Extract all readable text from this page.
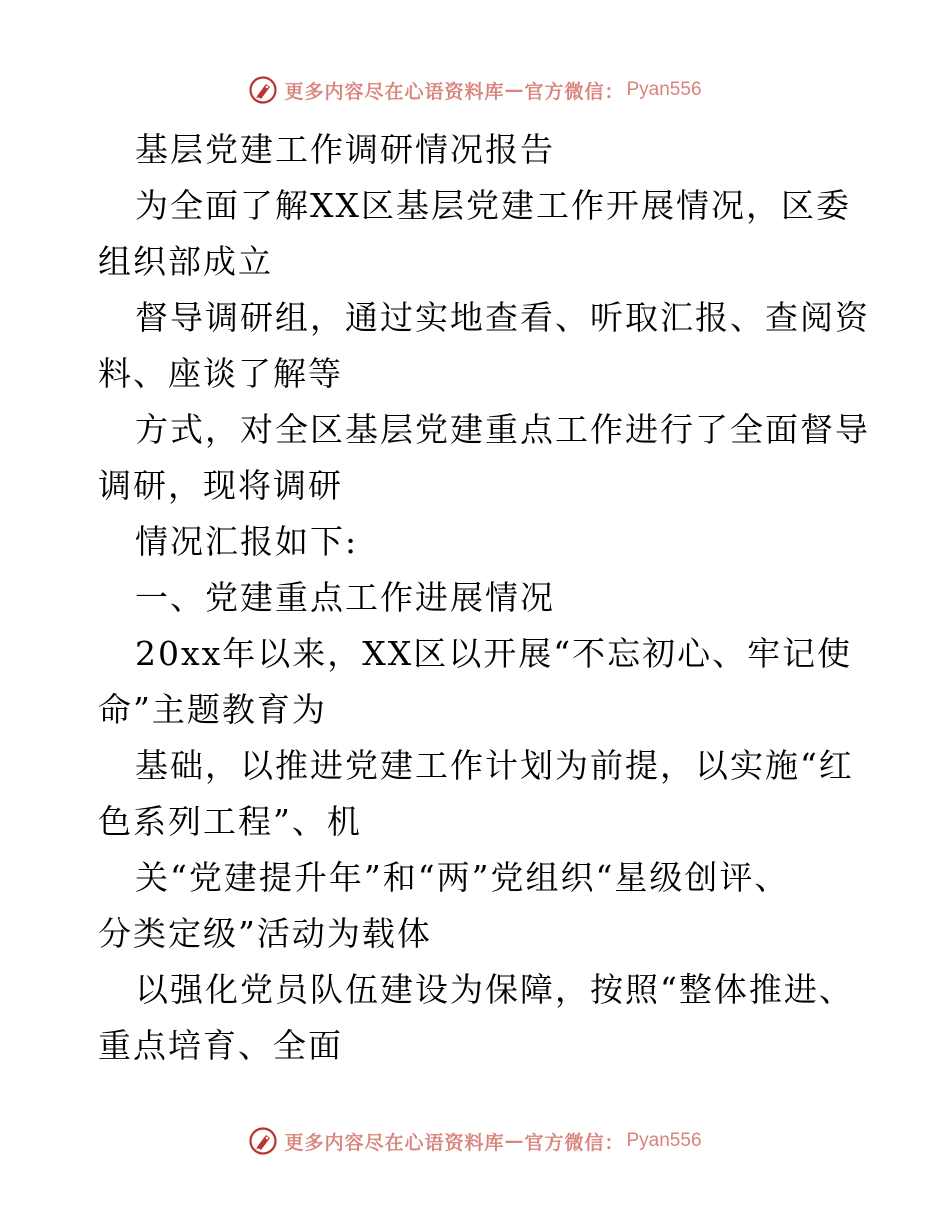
更多内容尽在心语资料库 — 官方微信： Pyan556
基层党建工作调研情况报告
为全面了解XX区基层党建工作开展情况，区委
组织部成立
督导调研组，通过实地查看、听取汇报、查阅资
料、座谈了解等
方式，对全区基层党建重点工作进行了全面督导
调研，现将调研
情况汇报如下:
一、党建重点工作进展情况
20xx年以来，XX区以开展“不忘初心、牢记使
命”主题教育为
基础，以推进党建工作计划为前提，以实施“红
色系列工程”、机
关“党建提升年”和“两”党组织“星级创评、
分类定级”活动为载体
以强化党员队伍建设为保障，按照“整体推进、
重点培育、全面
更多内容尽在心语资料库 — 官方微信： Pyan556
